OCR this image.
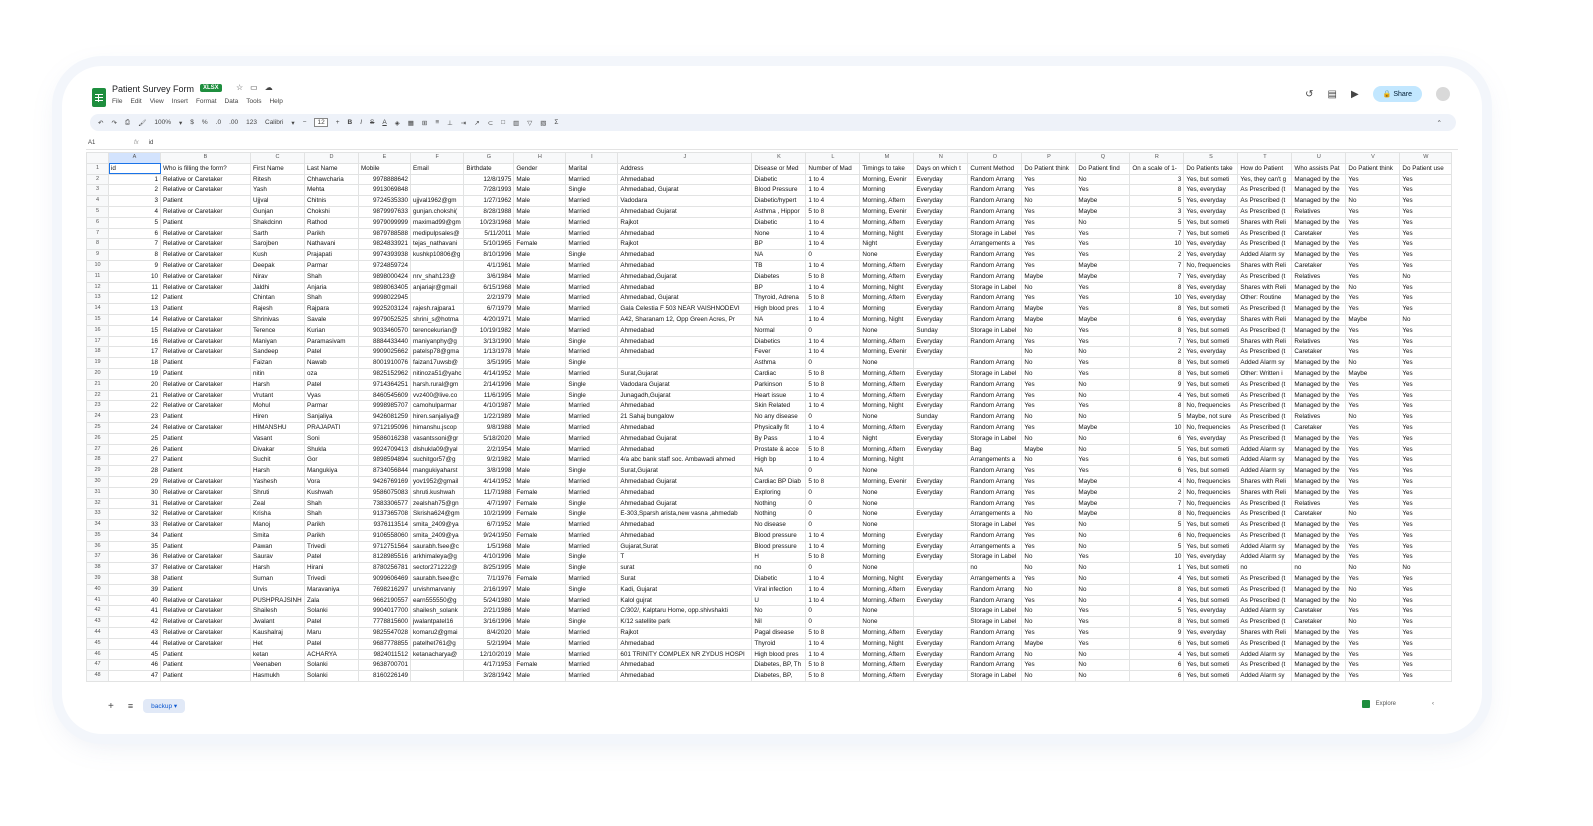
Patient Survey Form	XLSX	☆ ▭ ☁
File Edit View Insert Format Data Tools Help
↺ ▤ ▶	🔒 Share
↶ ↷ ⎙ 🖌 100% ▾ $ % .0 .00 123 Calibri ▾ −	12	+ B I S A ◈ ▦ ⊞ ≡ ⊥ ⇥ ↗ ⊂ □ ▥ ▽ ▧ Σ	⌃
A1	fx id
	A	B	C	D	E	F	G	H	I	J	K	L	M	N	O	P	Q	R	S	T	U	V	W
1	id	Who is filling the form?	First Name	Last Name	Mobile	Email	Birthdate	Gender	Marital	Address	Disease or Med	Number of Mad	Timings to take	Days on which t	Current Method	Do Patient think	Do Patient find	On a scale of 1-	Do Patients take	How do Patient	Who assists Pat	Do Patient think	Do Patient use
2	1	Relative or Caretaker	Ritesh	Chhawcharia	9978888642		12/8/1975	Male	Married	Ahmedabad	Diabetic	1 to 4	Morning, Evenir	Everyday	Random Arrang	Yes	No	3	Yes, but someti	Yes, they can't g	Managed by the	Yes	Yes
3	2	Relative or Caretaker	Yash	Mehta	9913069848		7/28/1993	Male	Single	Ahmedabad, Gujarat	Blood Pressure	1 to 4	Morning	Everyday	Random Arrang	Yes	Yes	8	Yes, everyday	As Prescribed (t	Managed by the	Yes	Yes
4	3	Patient	Ujjval	Chitnis	9724535330	ujjval1962@gm	1/27/1962	Male	Married	Vadodara	Diabetic/hypert	1 to 4	Morning, Aftern	Everyday	Random Arrang	No	Maybe	5	Yes, everyday	As Prescribed (t	Managed by the	No	Yes
5	4	Relative or Caretaker	Gunjan	Chokshi	9879997633	gunjan.chokshi(	8/28/1988	Male	Married	Ahmedabad Gujarat	Asthma , Hippor	5 to 8	Morning, Evenir	Everyday	Random Arrang	Yes	Maybe	3	Yes, everyday	As Prescribed (t	Relatives	Yes	Yes
6	5	Patient	Shakdcinn	Rathod	9979099999	maximad99@gm	10/23/1968	Male	Married	Rajkot	Diabetic	1 to 4	Morning, Aftern	Everyday	Random Arrang	Yes	No	5	Yes, but someti	Shares with Reli	Managed by the	Yes	Yes
7	6	Relative or Caretaker	Sarth	Parikh	9879788588	medipulpsales@	5/11/2011	Male	Married	Ahmedabad	None	1 to 4	Morning, Night	Everyday	Storage in Label	Yes	Yes	7	Yes, but someti	As Prescribed (t	Caretaker	Yes	Yes
8	7	Relative or Caretaker	Sarojben	Nathavani	9824833921	tejas_nathavani	5/10/1965	Female	Married	Rajkot	BP	1 to 4	Night	Everyday	Arrangements a	Yes	Yes	10	Yes, everyday	As Prescribed (t	Managed by the	Yes	Yes
9	8	Relative or Caretaker	Kush	Prajapati	9974393938	kushkp10806@g	8/10/1996	Male	Single	Ahmedabad	NA	0	None	Everyday	Random Arrang	Yes	Yes	2	Yes, everyday	Added Alarm sy	Managed by the	Yes	Yes
10	9	Relative or Caretaker	Deepak	Parmar	9724859724		4/1/1961	Male	Married	Ahmedabad	TB	1 to 4	Morning, Aftern	Everyday	Random Arrang	Yes	Maybe	7	No, frequencies	Shares with Reli	Caretaker	Yes	Yes
11	10	Relative or Caretaker	Nirav	Shah	9898000424	nrv_shah123@	3/6/1984	Male	Married	Ahmedabad,Gujarat	Diabetes	5 to 8	Morning, Aftern	Everyday	Random Arrang	Maybe	Maybe	7	Yes, everyday	As Prescribed (t	Relatives	Yes	No
12	11	Relative or Caretaker	Jaldhi	Anjaria	9898063405	anjariajr@gmail	6/15/1968	Male	Married	Ahmedabad	BP	1 to 4	Morning, Night	Everyday	Storage in Label	No	Yes	8	Yes, everyday	Shares with Reli	Managed by the	No	Yes
13	12	Patient	Chintan	Shah	9998022945		2/2/1979	Male	Married	Ahmedabad, Gujarat	Thyroid, Adrena	5 to 8	Morning, Aftern	Everyday	Random Arrang	Yes	Yes	10	Yes, everyday	Other: Routine	Managed by the	Yes	Yes
14	13	Patient	Rajesh	Rajpara	9925203124	rajesh.rajpara1	6/7/1979	Male	Married	Gala Celestia F 503 NEAR VAISHNODEVI	High blood pres	1 to 4	Morning	Everyday	Random Arrang	Maybe	Yes	8	Yes, but someti	As Prescribed (t	Managed by the	Yes	Yes
15	14	Relative or Caretaker	Shrinivas	Savale	9979052525	shrini_s@hotma	4/20/1971	Male	Married	A42, Sharanam 12, Opp Green Acres, Pr	NA	1 to 4	Morning, Night	Everyday	Random Arrang	Maybe	Maybe	6	Yes, everyday	Shares with Reli	Managed by the	Maybe	No
16	15	Relative or Caretaker	Terence	Kurian	9033460570	terencekurian@	10/19/1982	Male	Married	Ahmedabad	Normal	0	None	Sunday	Storage in Label	No	Yes	8	Yes, but someti	As Prescribed (t	Managed by the	Yes	Yes
17	16	Relative or Caretaker	Maniyan	Paramasivam	8884433440	maniyanphy@g	3/13/1990	Male	Single	Ahmedabad	Diabetics	1 to 4	Morning, Aftern	Everyday	Random Arrang	Yes	Yes	7	Yes, but someti	Shares with Reli	Relatives	Yes	Yes
18	17	Relative or Caretaker	Sandeep	Patel	9909025662	patelsp78@gma	1/13/1978	Male	Married	Ahmedabad	Fever	1 to 4	Morning, Evenir	Everyday		No	No	2	Yes, everyday	As Prescribed (t	Caretaker	Yes	Yes
19	18	Patient	Faizan	Nawab	8001910076	faizan17uwsb@	3/5/1995	Male	Single		Asthma	0	None		Random Arrang	No	Yes	8	Yes, but someti	Added Alarm sy	Managed by the	No	Yes
20	19	Patient	nitin	oza	9825152962	nitinoza51@yahc	4/14/1952	Male	Married	Surat,Gujarat	Cardiac	5 to 8	Morning, Aftern	Everyday	Storage in Label	No	Yes	8	Yes, but someti	Other: Written i	Managed by the	Maybe	Yes
21	20	Relative or Caretaker	Harsh	Patel	9714364251	harsh.rural@gm	2/14/1996	Male	Single	Vadodara Gujarat	Parkinson	5 to 8	Morning, Aftern	Everyday	Random Arrang	Yes	No	9	Yes, but someti	As Prescribed (t	Managed by the	Yes	Yes
22	21	Relative or Caretaker	Vrutant	Vyas	8460545609	vvz400@live.co	11/6/1995	Male	Single	Junagadh,Gujarat	Heart issue	1 to 4	Morning, Aftern	Everyday	Random Arrang	Yes	No	4	Yes, but someti	As Prescribed (t	Managed by the	Yes	Yes
23	22	Relative or Caretaker	Mohul	Parmar	9998985707	camohulparmar	4/10/1987	Male	Married	Ahmedabad	Skin Related	1 to 4	Morning, Night	Everyday	Random Arrang	Yes	Yes	8	No, frequencies	As Prescribed (t	Managed by the	Yes	Yes
24	23	Patient	Hiren	Sanjaliya	9426081259	hiren.sanjaliya@	1/22/1989	Male	Married	21 Sahaj bungalow	No any disease	0	None	Sunday	Random Arrang	No	No	5	Maybe, not sure	As Prescribed (t	Relatives	No	Yes
25	24	Relative or Caretaker	HIMANSHU	PRAJAPATI	9712195096	himanshu.jscop	9/8/1988	Male	Married	Ahmedabad	Physically fit	1 to 4	Morning, Aftern	Everyday	Random Arrang	Yes	Maybe	10	No, frequencies	As Prescribed (t	Caretaker	Yes	Yes
26	25	Patient	Vasant	Soni	9586016238	vasantssoni@gr	5/18/2020	Male	Married	Ahmedabad Gujarat	By Pass	1 to 4	Night	Everyday	Storage in Label	No	No	6	Yes, everyday	As Prescribed (t	Managed by the	Yes	Yes
27	26	Patient	Divakar	Shukla	9924709413	dlshukla09@yal	2/2/1954	Male	Married	Ahmedabad	Prostate & acce	5 to 8	Morning, Aftern	Everyday	Bag	Maybe	No	5	Yes, but someti	Added Alarm sy	Managed by the	Yes	Yes
28	27	Patient	Suchit	Gor	9898594894	suchitgor57@g	9/2/1982	Male	Married	4/a abc bank staff soc. Ambawadi ahmed	High bp	1 to 4	Morning, Night		Arrangements a	No	Yes	6	Yes, but someti	Added Alarm sy	Managed by the	Yes	Yes
29	28	Patient	Harsh	Mangukiya	8734056844	mangukiyaharst	3/8/1998	Male	Single	Surat,Gujarat	NA	0	None		Random Arrang	Yes	Yes	6	Yes, but someti	Added Alarm sy	Managed by the	Yes	Yes
30	29	Relative or Caretaker	Yashesh	Vora	9426769169	yov1952@gmail	4/14/1952	Male	Married	Ahmedabad Gujarat	Cardiac BP Diab	5 to 8	Morning, Evenir	Everyday	Random Arrang	Yes	Maybe	4	No, frequencies	Shares with Reli	Managed by the	Yes	Yes
31	30	Relative or Caretaker	Shruti	Kushwah	9586075083	shruti.kushwah	11/7/1988	Female	Married	Ahmedabad	Exploring	0	None	Everyday	Random Arrang	Yes	Maybe	2	No, frequencies	Shares with Reli	Managed by the	Yes	Yes
32	31	Relative or Caretaker	Zeal	Shah	7383306577	zealshah75@gn	4/7/1997	Female	Single	Ahmedabad Gujarat	Nothing	0	None		Random Arrang	Yes	Maybe	7	No, frequencies	As Prescribed (t	Relatives	Yes	Yes
33	32	Relative or Caretaker	Krisha	Shah	9137365708	Skrisha624@gm	10/2/1999	Female	Single	E-303,Sparsh arista,new vasna ,ahmedab	Nothing	0	None	Everyday	Arrangements a	No	Maybe	8	No, frequencies	As Prescribed (t	Caretaker	No	Yes
34	33	Relative or Caretaker	Manoj	Parikh	9376113514	smita_2409@ya	6/7/1952	Male	Married	Ahmedabad	No disease	0	None		Storage in Label	Yes	No	5	Yes, but someti	As Prescribed (t	Managed by the	Yes	Yes
35	34	Patient	Smita	Parikh	9106558060	smita_2409@ya	9/24/1950	Female	Married	Ahmedabad	Blood pressure	1 to 4	Morning	Everyday	Random Arrang	Yes	No	6	No, frequencies	As Prescribed (t	Managed by the	Yes	Yes
36	35	Patient	Pawan	Trivedi	9712751564	saurabh.fsee@c	1/5/1968	Male	Married	Gujarat,Surat	Blood pressure	1 to 4	Morning	Everyday	Arrangements a	Yes	No	5	Yes, but someti	Added Alarm sy	Managed by the	Yes	Yes
37	36	Relative or Caretaker	Saurav	Patel	8128985516	arkhimaleya@g	4/10/1996	Male	Single	T	H	5 to 8	Morning	Everyday	Storage in Label	No	Yes	10	Yes, everyday	Added Alarm sy	Managed by the	Yes	Yes
38	37	Relative or Caretaker	Harsh	Hirani	8780256781	sector271222@	8/25/1995	Male	Single	surat	no	0	None		no	No	No	1	Yes, but someti	no	no	No	No
39	38	Patient	Suman	Trivedi	9099606469	saurabh.fsee@c	7/1/1976	Female	Married	Surat	Diabetic	1 to 4	Morning, Night	Everyday	Arrangements a	Yes	No	4	Yes, but someti	As Prescribed (t	Managed by the	Yes	Yes
40	39	Patient	Urvis	Maravaniya	7698216297	urvishmarvaniy	2/16/1997	Male	Single	Kadi, Gujarat	Viral infection	1 to 4	Morning, Aftern	Everyday	Random Arrang	No	No	8	Yes, but someti	As Prescribed (t	Managed by the	No	Yes
41	40	Relative or Caretaker	PUSHPRAJSINH	Zala	9662190557	earn555550@g	5/24/1980	Male	Married	Kalol gujrat	U	1 to 4	Morning, Aftern	Everyday	Random Arrang	Yes	No	4	Yes, but someti	As Prescribed (t	Managed by the	No	Yes
42	41	Relative or Caretaker	Shailesh	Solanki	9904017700	shailesh_solank	2/21/1986	Male	Married	C/302/, Kalptaru Home, opp.shivshakti	No	0	None		Storage in Label	No	Yes	5	Yes, everyday	Added Alarm sy	Caretaker	Yes	Yes
43	42	Relative or Caretaker	Jwalant	Patel	7778815600	jwalantpatel16	3/16/1996	Male	Single	K/12 satellite park	Nil	0	None		Storage in Label	No	Yes	8	Yes, but someti	As Prescribed (t	Caretaker	No	Yes
44	43	Relative or Caretaker	Kaushalraj	Maru	9825547028	komaru2@gmai	8/4/2020	Male	Married	Rajkot	Pagal disease	5 to 8	Morning, Aftern	Everyday	Random Arrang	Yes	Yes	9	Yes, everyday	Shares with Reli	Managed by the	Yes	Yes
45	44	Relative or Caretaker	Het	Patel	9687778855	patelhet761@g	5/2/1994	Male	Married	Ahmedabad	Thyroid	1 to 4	Morning, Night	Everyday	Random Arrang	Maybe	Yes	6	Yes, but someti	As Prescribed (t	Managed by the	Yes	Yes
46	45	Patient	ketan	ACHARYA	9824011512	ketanacharya@	12/10/2019	Male	Married	601 TRINITY COMPLEX NR ZYDUS HOSPI	High blood pres	1 to 4	Morning, Aftern	Everyday	Random Arrang	No	No	4	Yes, but someti	Added Alarm sy	Managed by the	Yes	Yes
47	46	Patient	Veenaben	Solanki	9638700701		4/17/1953	Female	Married	Ahmedabad	Diabetes, BP, Th	5 to 8	Morning, Aftern	Everyday	Random Arrang	Yes	No	6	Yes, but someti	As Prescribed (t	Managed by the	Yes	Yes
48	47	Patient	Hasmukh	Solanki	8160226149		3/28/1942	Male	Married	Ahmedabad	Diabetes, BP,	5 to 8	Morning, Aftern	Everyday	Storage in Label	No	No	6	Yes, but someti	Added Alarm sy	Managed by the	Yes	Yes
+ ≡	backup ▾	Explore	‹
